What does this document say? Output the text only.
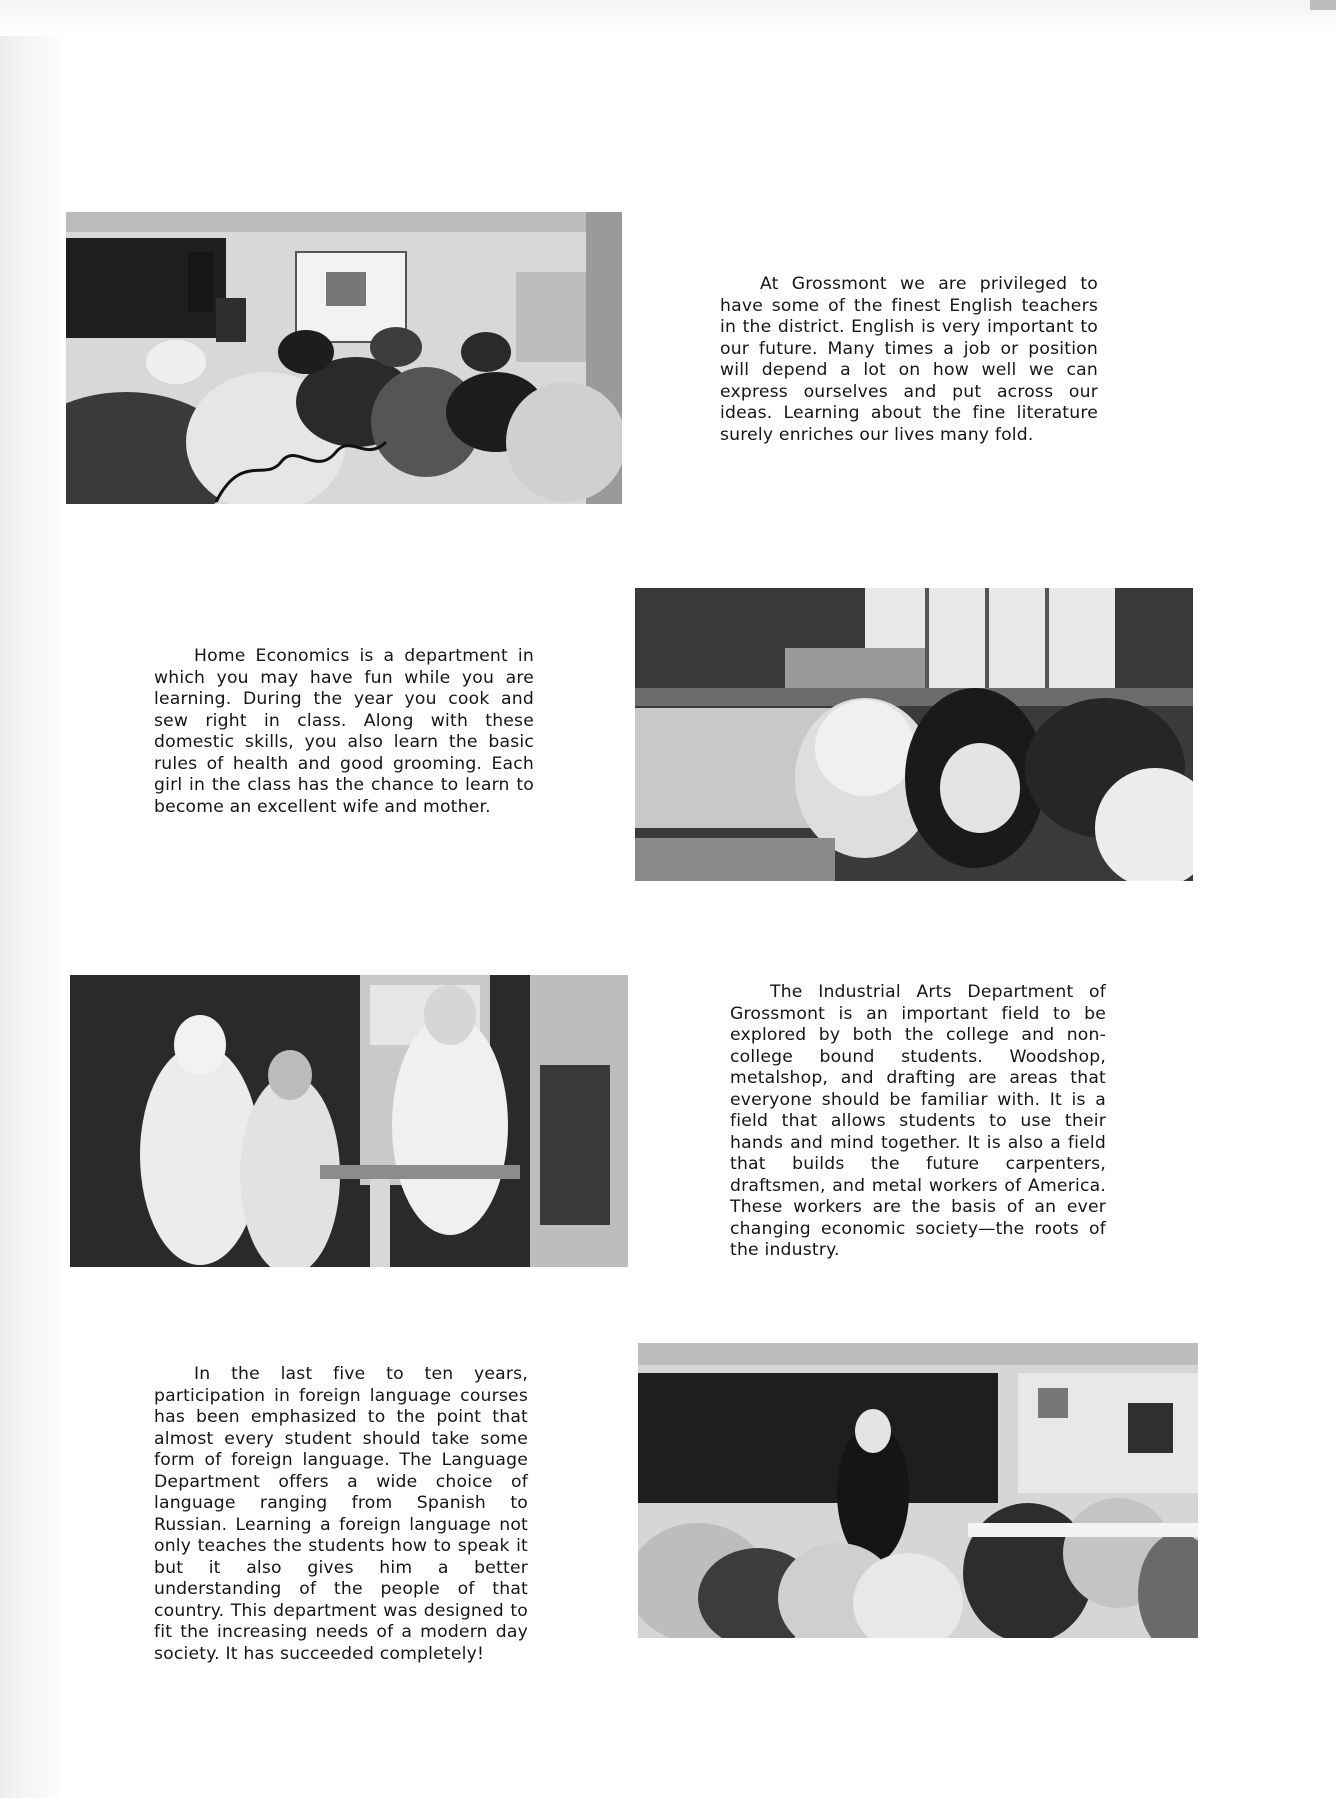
At Grossmont we are privileged to have some of the finest English teachers in the district. English is very important to our future. Many times a job or position will depend a lot on how well we can express ourselves and put across our ideas. Learning about the fine literature surely enriches our lives many fold.

Home Economics is a department in which you may have fun while you are learning. During the year you cook and sew right in class. Along with these domestic skills, you also learn the basic rules of health and good grooming. Each girl in the class has the chance to learn to become an excellent wife and mother.

The Industrial Arts Department of Grossmont is an important field to be explored by both the college and non-college bound students. Woodshop, metalshop, and drafting are areas that everyone should be familiar with. It is a field that allows students to use their hands and mind together. It is also a field that builds the future carpenters, draftsmen, and metal workers of America. These workers are the basis of an ever changing economic society—the roots of the industry.

In the last five to ten years, participation in foreign language courses has been emphasized to the point that almost every student should take some form of foreign language. The Language Department offers a wide choice of language ranging from Spanish to Russian. Learning a foreign language not only teaches the students how to speak it but it also gives him a better understanding of the people of that country. This department was designed to fit the increasing needs of a modern day society. It has succeeded completely!
